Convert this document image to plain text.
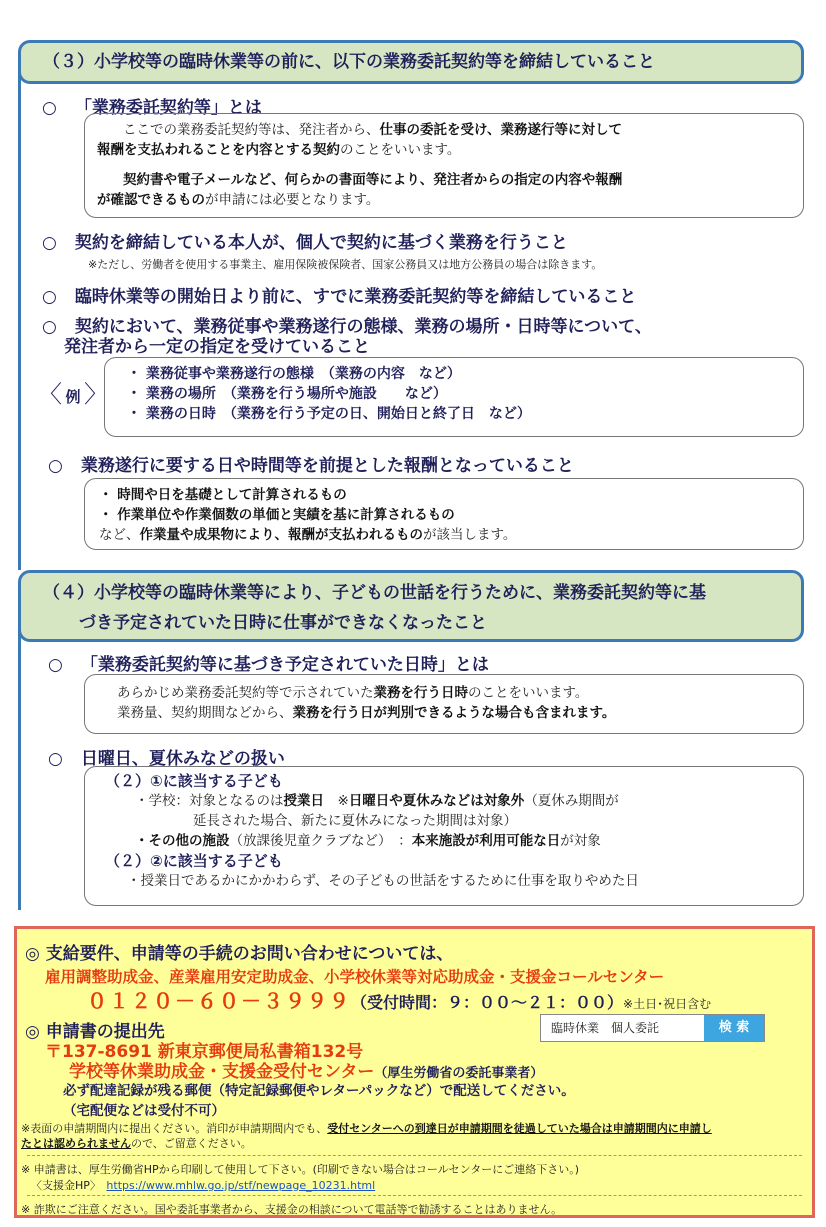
（３）小学校等の臨時休業等の前に、以下の業務委託契約等を締結していること
○ 「業務委託契約等」とは
ここでの業務委託契約等は、発注者から、仕事の委託を受け、業務遂行等に対して
報酬を支払われることを内容とする契約のことをいいます。
契約書や電子メールなど、何らかの書面等により、発注者からの指定の内容や報酬
が確認できるものが申請には必要となります。
○ 契約を締結している本人が、個人で契約に基づく業務を行うこと
※ただし、労働者を使用する事業主、雇用保険被保険者、国家公務員又は地方公務員の場合は除きます。
○ 臨時休業等の開始日より前に、すでに業務委託契約等を締結していること
○ 契約において、業務従事や業務遂行の態様、業務の場所・日時等について、
発注者から一定の指定を受けていること
〈 例 〉
・ 業務従事や業務遂行の態様　（業務の内容　など）
・ 業務の場所　（業務を行う場所や施設　　など）
・ 業務の日時　（業務を行う予定の日、開始日と終了日　など）
○ 業務遂行に要する日や時間等を前提とした報酬となっていること
・ 時間や日を基礎として計算されるもの
・ 作業単位や作業個数の単価と実績を基に計算されるもの
など、作業量や成果物により、報酬が支払われるものが該当します。
（４）小学校等の臨時休業等により、子どもの世話を行うために、業務委託契約等に基
づき予定されていた日時に仕事ができなくなったこと
○ 「業務委託契約等に基づき予定されていた日時」とは
あらかじめ業務委託契約等で示されていた業務を行う日時のことをいいます。
業務量、契約期間などから、業務を行う日が判別できるような場合も含まれます。
○ 日曜日、夏休みなどの扱い
（２）①に該当する子ども
・学校：対象となるのは授業日　※日曜日や夏休みなどは対象外（夏休み期間が
延長された場合、新たに夏休みになった期間は対象）
・その他の施設（放課後児童クラブなど）　：本来施設が利用可能な日が対象
（２）②に該当する子ども
・授業日であるかにかかわらず、その子どもの世話をするために仕事を取りやめた日
◎ 支給要件、申請等の手続のお問い合わせについては、
雇用調整助成金、産業雇用安定助成金、小学校休業等対応助成金・支援金コールセンター
０１２０－６０－３９９９（受付時間：９：００～２１：００）※土日･祝日含む
◎ 申請書の提出先	臨時休業　個人委託	検 索
〒137-8691 新東京郵便局私書箱132号
学校等休業助成金・支援金受付センター（厚生労働省の委託事業者）
必ず配達記録が残る郵便（特定記録郵便やレターパックなど）で配送してください。
（宅配便などは受付不可）
※表面の申請期間内に提出ください。消印が申請期間内でも、受付センターへの到達日が申請期間を徒過していた場合は申請期間内に申請し
たとは認められませんので、ご留意ください。
※ 申請書は、厚生労働省HPから印刷して使用して下さい。(印刷できない場合はコールセンターにご連絡下さい。)
〈支援金HP〉　 https://www.mhlw.go.jp/stf/newpage_10231.html
※ 詐欺にご注意ください。国や委託事業者から、支援金の相談について電話等で勧誘することはありません。
